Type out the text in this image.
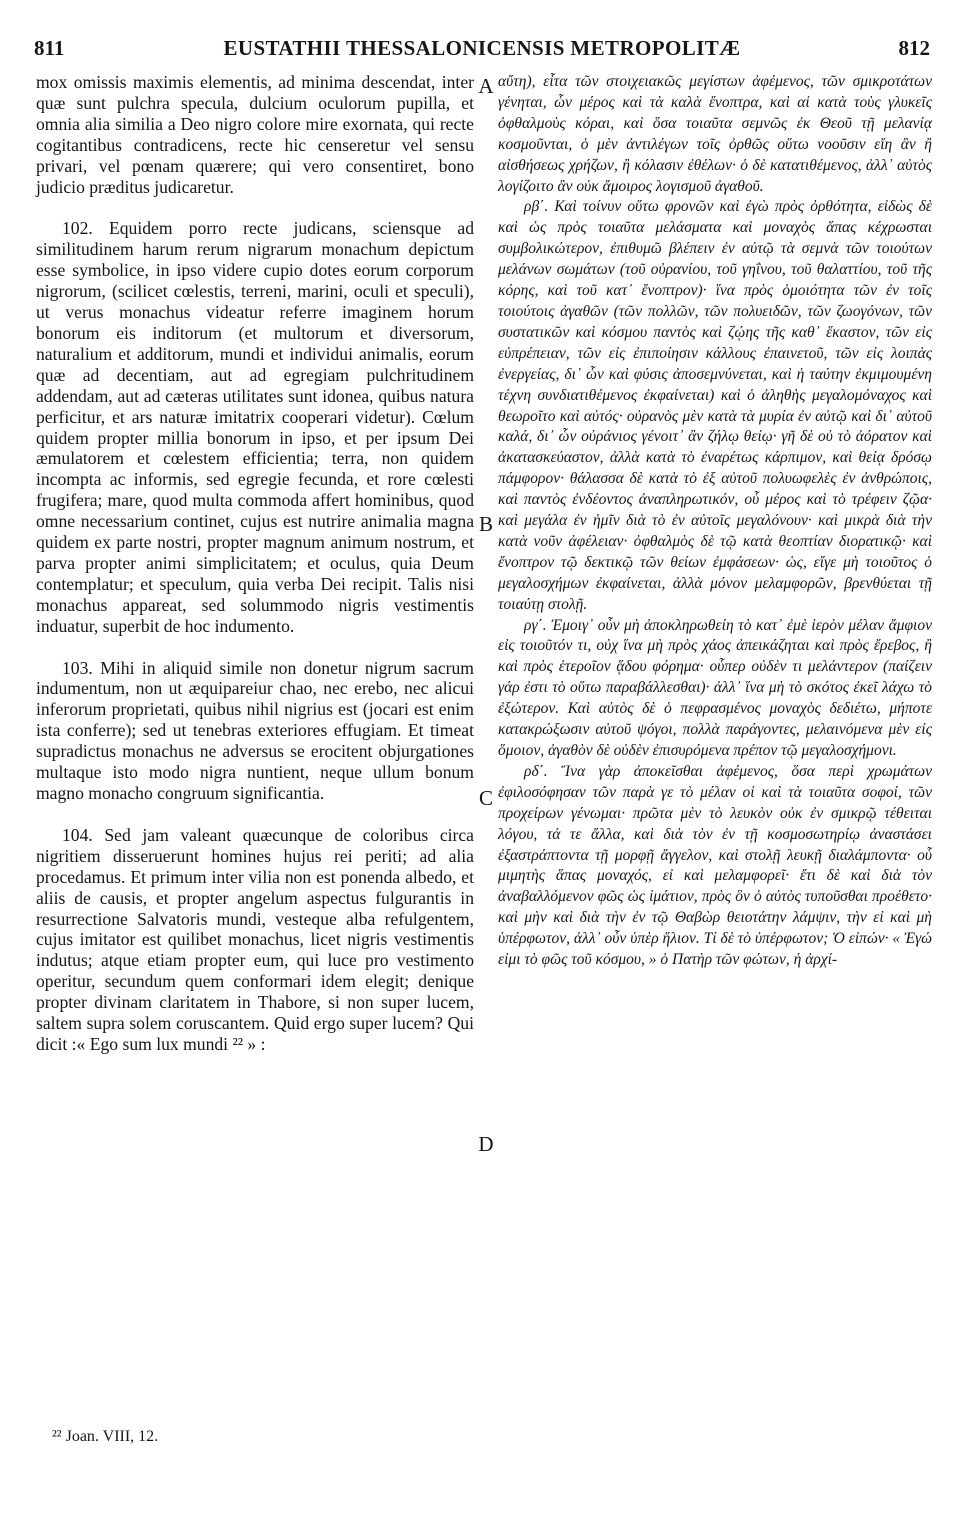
811	EUSTATHII THESSALONICENSIS METROPOLITÆ	812

mox omissis maximis elementis, ad minima descendat, inter quæ sunt pulchra specula, dulcium oculorum pupilla, et omnia alia similia a Deo nigro colore mire exornata, qui recte cogitantibus contradicens, recte hic censeretur vel sensu privari, vel pœnam quærere; qui vero consentiret, bono judicio præditus judicaretur.

102. Equidem porro recte judicans, sciensque ad similitudinem harum rerum nigrarum monachum depictum esse symbolice, in ipso videre cupio dotes eorum corporum nigrorum, (scilicet cœlestis, terreni, marini, oculi et speculi), ut verus monachus videatur referre imaginem horum bonorum eis inditorum (et multorum et diversorum, naturalium et additorum, mundi et individui animalis, eorum quæ ad decentiam, aut ad egregiam pulchritudinem addendam, aut ad cæteras utilitates sunt idonea, quibus natura perficitur, et ars naturæ imitatrix cooperari videtur). Cœlum quidem propter millia bonorum in ipso, et per ipsum Dei æmulatorem et cœlestem efficientia; terra, non quidem incompta ac informis, sed egregie fecunda, et rore cœlesti frugifera; mare, quod multa commoda affert hominibus, quod omne necessarium continet, cujus est nutrire animalia magna quidem ex parte nostri, propter magnum animum nostrum, et parva propter animi simplicitatem; et oculus, quia Deum contemplatur; et speculum, quia verba Dei recipit. Talis nisi monachus appareat, sed solummodo nigris vestimentis induatur, superbit de hoc indumento.

103. Mihi in aliquid simile non donetur nigrum sacrum indumentum, non ut æquipareiur chao, nec erebo, nec alicui inferorum proprietati, quibus nihil nigrius est (jocari est enim ista conferre); sed ut tenebras exteriores effugiam. Et timeat supradictus monachus ne adversus se erocitent objurgationes multaque isto modo nigra nuntient, neque ullum bonum magno monacho congruum significantia.

104. Sed jam valeant quæcunque de coloribus circa nigritiem disseruerunt homines hujus rei periti; ad alia procedamus. Et primum inter vilia non est ponenda albedo, et aliis de causis, et propter angelum aspectus fulgurantis in resurrectione Salvatoris mundi, vesteque alba refulgentem, cujus imitator est quilibet monachus, licet nigris vestimentis indutus; atque etiam propter eum, qui luce pro vestimento operitur, secundum quem conformari idem elegit; denique propter divinam claritatem in Thabore, si non super lucem, saltem supra solem coruscantem. Quid ergo super lucem? Qui dicit :« Ego sum lux mundi ²² » :

A
B
C
D

αὔτη), εἶτα τῶν στοιχειακῶς μεγίστων ἀφέμενος, τῶν σμικροτάτων γένηται, ὧν μέρος καὶ τὰ καλὰ ἔνοπτρα, καὶ αἱ κατὰ τοὺς γλυκεῖς ὀφθαλμοὺς κόραι, καὶ ὅσα τοιαῦτα σεμνῶς ἐκ Θεοῦ τῇ μελανίᾳ κοσμοῦνται, ὁ μὲν ἀντιλέγων τοῖς ὀρθῶς οὕτω νοοῦσιν εἴη ἂν ἢ αἰσθήσεως χρήζων, ἢ κόλασιν ἐθέλων· ὁ δὲ κατατιθέμενος, ἀλλ᾽ αὐτὸς λογίζοιτο ἂν οὐκ ἄμοιρος λογισμοῦ ἀγαθοῦ.

ρβ΄. Καὶ τοίνυν οὕτω φρονῶν καὶ ἐγὼ πρὸς ὀρθότητα, εἰδὼς δὲ καὶ ὡς πρὸς τοιαῦτα μελάσματα καὶ μοναχὸς ἅπας κέχρωσται συμβολικώτερον, ἐπιθυμῶ βλέπειν ἐν αὐτῷ τὰ σεμνὰ τῶν τοιούτων μελάνων σωμάτων (τοῦ οὐρανίου, τοῦ γηΐνου, τοῦ θαλαττίου, τοῦ τῆς κόρης, καὶ τοῦ κατ᾽ ἔνοπτρον)· ἵνα πρὸς ὁμοιότητα τῶν ἐν τοῖς τοιούτοις ἀγαθῶν (τῶν πολλῶν, τῶν πολυειδῶν, τῶν ζωογόνων, τῶν συστατικῶν καὶ κόσμου παντὸς καὶ ζῴης τῆς καθ᾽ ἕκαστον, τῶν εἰς εὐπρέπειαν, τῶν εἰς ἐπιποίησιν κάλλους ἐπαινετοῦ, τῶν εἰς λοιπὰς ἐνεργείας, δι᾽ ὧν καὶ φύσις ἀποσεμνύνεται, καὶ ἡ ταύτην ἐκμιμουμένη τέχνη συνδιατιθέμενος ἐκφαίνεται) καὶ ὁ ἀληθὴς μεγαλομόναχος καὶ θεωροῖτο καὶ αὐτός· οὐρανὸς μὲν κατὰ τὰ μυρία ἐν αὐτῷ καὶ δι᾽ αὐτοῦ καλά, δι᾽ ὧν οὐράνιος γένοιτ᾽ ἂν ζήλῳ θείῳ· γῆ δὲ οὐ τὸ ἀόρατον καὶ ἀκατασκεύαστον, ἀλλὰ κατὰ τὸ ἐναρέτως κάρπιμον, καὶ θείᾳ δρόσῳ πάμφορον· θάλασσα δὲ κατὰ τὸ ἐξ αὐτοῦ πολυωφελὲς ἐν ἀνθρώποις, καὶ παντὸς ἐνδέοντος ἀναπληρωτικόν, οὗ μέρος καὶ τὸ τρέφειν ζῷα· καὶ μεγάλα ἐν ἡμῖν διὰ τὸ ἐν αὐτοῖς μεγαλόνουν· καὶ μικρὰ διὰ τὴν κατὰ νοῦν ἀφέλειαν· ὀφθαλμὸς δὲ τῷ κατὰ θεοπτίαν διορατικῷ· καὶ ἔνοπτρον τῷ δεκτικῷ τῶν θείων ἐμφάσεων· ὡς, εἴγε μὴ τοιοῦτος ὁ μεγαλοσχήμων ἐκφαίνεται, ἀλλὰ μόνον μελαμφορῶν, βρενθύεται τῇ τοιαύτῃ στολῇ.

ργ΄. Ἐμοιγ᾽ οὖν μὴ ἀποκληρωθείη τὸ κατ᾽ ἐμὲ ἱερὸν μέλαν ἄμφιον εἰς τοιοῦτόν τι, οὐχ ἵνα μὴ πρὸς χάος ἀπεικάζηται καὶ πρὸς ἔρεβος, ἢ καὶ πρὸς ἑτεροῖον ᾅδου φόρημα· οὗπερ οὐδὲν τι μελάντερον (παίζειν γάρ ἐστι τὸ οὕτω παραβάλλεσθαι)· ἀλλ᾽ ἵνα μὴ τὸ σκότος ἐκεῖ λάχω τὸ ἐξώτερον. Καὶ αὐτὸς δὲ ὁ πεφρασμένος μοναχὸς δεδιέτω, μήποτε κατακρώξωσιν αὐτοῦ ψόγοι, πολλὰ παράγοντες, μελαινόμενα μὲν εἰς ὅμοιον, ἀγαθὸν δὲ οὐδὲν ἐπισυρόμενα πρέπον τῷ μεγαλοσχήμονι.

ρδ΄. Ἵνα γὰρ ἀποκεῖσθαι ἀφέμενος, ὅσα περὶ χρωμάτων ἐφιλοσόφησαν τῶν παρὰ γε τὸ μέλαν οἱ καὶ τὰ τοιαῦτα σοφοί, τῶν προχείρων γένωμαι· πρῶτα μὲν τὸ λευκὸν οὐκ ἐν σμικρῷ τέθειται λόγου, τά τε ἄλλα, καὶ διὰ τὸν ἐν τῇ κοσμοσωτηρίῳ ἀναστάσει ἐξαστράπτοντα τῇ μορφῇ ἄγγελον, καὶ στολῇ λευκῇ διαλάμποντα· οὗ μιμητὴς ἅπας μοναχός, εἰ καὶ μελαμφορεῖ· ἔτι δὲ καὶ διὰ τὸν ἀναβαλλόμενον φῶς ὡς ἱμάτιον, πρὸς ὃν ὁ αὐτὸς τυποῦσθαι προέθετο· καὶ μὴν καὶ διὰ τὴν ἐν τῷ Θαβὼρ θειοτάτην λάμψιν, τὴν εἰ καὶ μὴ ὑπέρφωτον, ἀλλ᾽ οὖν ὑπὲρ ἥλιον. Τί δὲ τὸ ὑπέρφωτον; Ὁ εἰπών· « Ἐγώ εἰμι τὸ φῶς τοῦ κόσμου, » ὁ Πατὴρ τῶν φώτων, ἡ ἀρχί-

²² Joan. VIII, 12.
